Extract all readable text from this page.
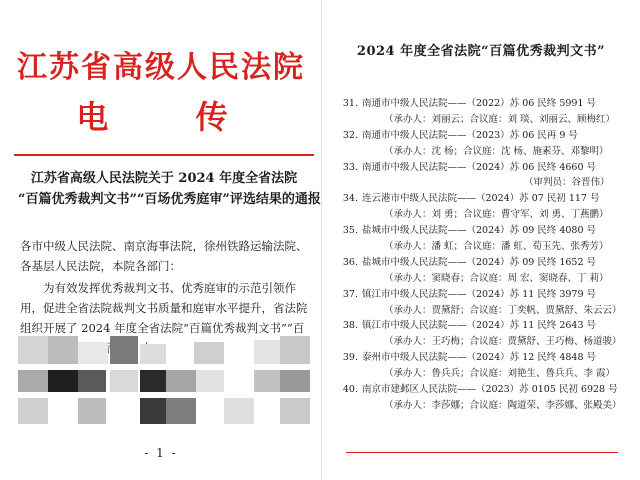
江苏省高级人民法院
电 传
江苏省高级人民法院关于 2024 年度全省法院
“百篇优秀裁判文书”“百场优秀庭审”评选结果的通报
各市中级人民法院、南京海事法院，徐州铁路运输法院、各基层人民法院，本院各部门：
为有效发挥优秀裁判文书、优秀庭审的示范引领作用，促进全省法院裁判文书质量和庭审水平提升，省法院组织开展了 2024 年度全省法院“百篇优秀裁判文书”“百
- 1 -
2024 年度全省法院“百篇优秀裁判文书”
31. 南通市中级人民法院——（2022）苏 06 民终 5991 号
（承办人：刘丽云；合议庭：刘 琰、刘丽云、顾梅红）
32. 南通市中级人民法院——（2023）苏 06 民再 9 号
（承办人：沈 杨；合议庭：沈 杨、施素芬、邓黎明）
33. 南通市中级人民法院——（2024）苏 06 民终 4660 号
（审判员：谷晋伟）
34. 连云港市中级人民法院——（2024）苏 07 民初 117 号
（承办人：刘 勇；合议庭：曹守军、刘 勇、丁燕鹏）
35. 盐城市中级人民法院——（2024）苏 09 民终 4080 号
（承办人：潘 虹；合议庭：潘 虹、荀玉先、张秀芳）
36. 盐城市中级人民法院——（2024）苏 09 民终 1652 号
（承办人：窦晓春；合议庭：周 宏、窦晓春、丁 莉）
37. 镇江市中级人民法院——（2024）苏 11 民终 3979 号
（承办人：贾黛舒；合议庭：丁奕帆、贾黛舒、朱云云）
38. 镇江市中级人民法院——（2024）苏 11 民终 2643 号
（承办人：王巧梅；合议庭：贾黛舒、王巧梅、杨道骏）
39. 泰州市中级人民法院——（2024）苏 12 民终 4848 号
（承办人：鲁兵兵；合议庭：刘艳生、鲁兵兵、李 霞）
40. 南京市建邺区人民法院——（2023）苏 0105 民初 6928 号
（承办人：李莎娜；合议庭：陶道荣、李莎娜、张殿美）
